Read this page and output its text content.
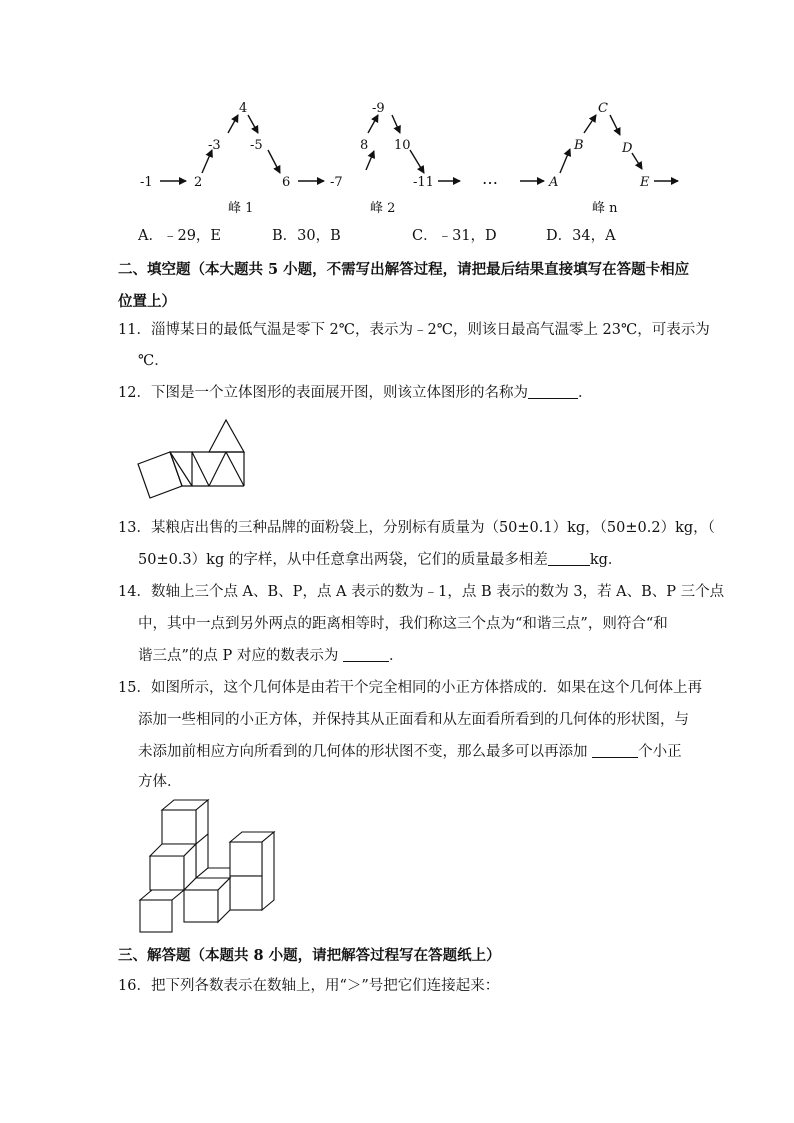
-1	2
-3
4
-5
6
峰 1
-7
8
-9
10
-11
峰 2
…	A
B
C
D
E
峰 n
A．﹣29，E	B．30，B	C．﹣31，D	D．34，A
二、填空题（本大题共 5 小题，不需写出解答过程，请把最后结果直接填写在答题卡相应
位置上）
11．淄博某日的最低气温是零下 2℃，表示为﹣2℃，则该日最高气温零上 23℃，可表示为
℃．
12．下图是一个立体图形的表面展开图，则该立体图形的名称为	．
13．某粮店出售的三种品牌的面粉袋上，分别标有质量为（50±0.1）kg，（50±0.2）kg，（
50±0.3）kg 的字样，从中任意拿出两袋，它们的质量最多相差	kg．
14．数轴上三个点 A、B、P，点 A 表示的数为﹣1，点 B 表示的数为 3，若 A、B、P 三个点
中，其中一点到另外两点的距离相等时，我们称这三个点为“和谐三点”，则符合“和
谐三点”的点 P 对应的数表示为	．
15．如图所示，这个几何体是由若干个完全相同的小正方体搭成的．如果在这个几何体上再
添加一些相同的小正方体，并保持其从正面看和从左面看所看到的几何体的形状图，与
未添加前相应方向所看到的几何体的形状图不变，那么最多可以再添加	个小正
方体．
三、解答题（本题共 8 小题，请把解答过程写在答题纸上）
16．把下列各数表示在数轴上，用“＞”号把它们连接起来：
